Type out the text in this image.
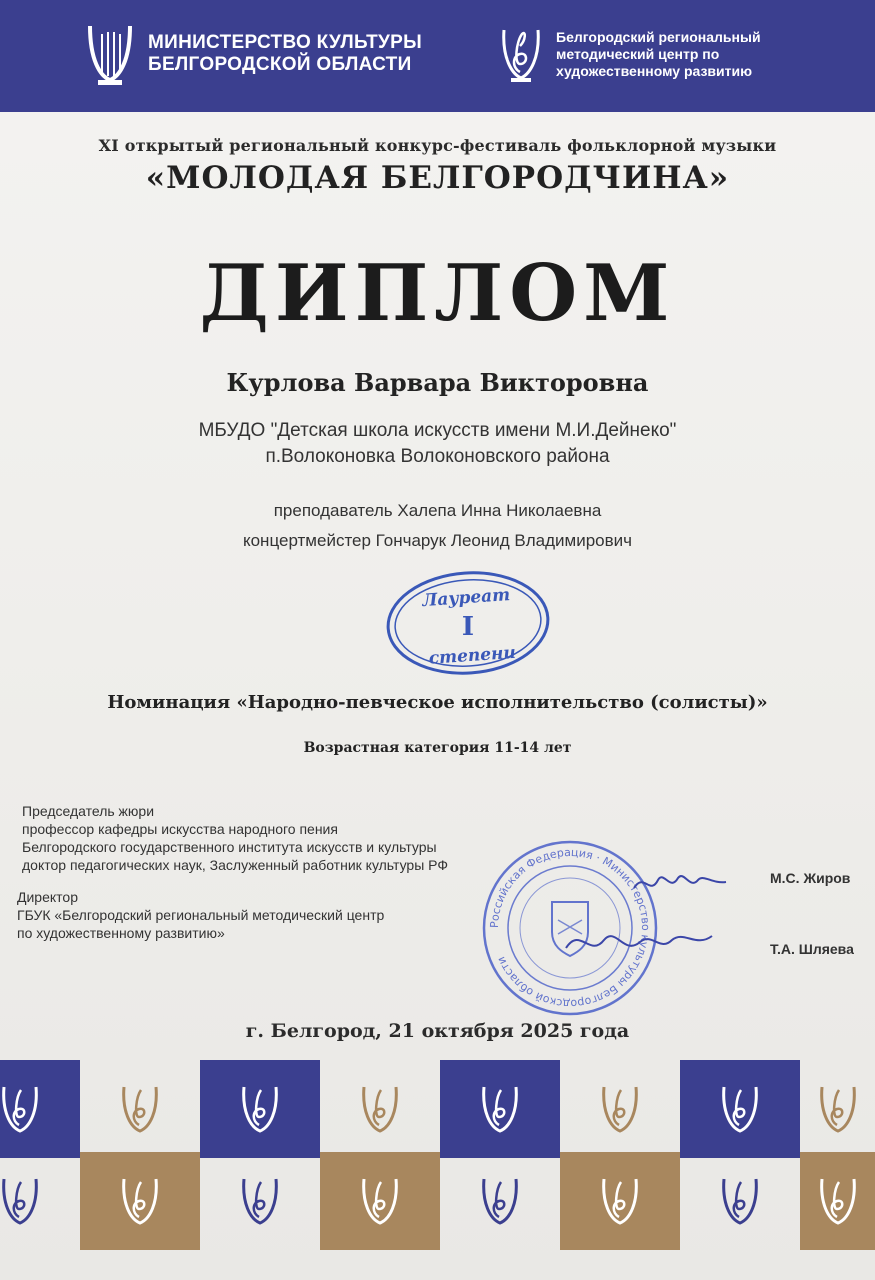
МИНИСТЕРСТВО КУЛЬТУРЫ
БЕЛГОРОДСКОЙ ОБЛАСТИ
Белгородский региональный
методический центр по
художественному развитию
XI открытый региональный конкурс-фестиваль фольклорной музыки
«МОЛОДАЯ БЕЛГОРОДЧИНА»
ДИПЛОМ
Курлова Варвара Викторовна
МБУДО "Детская школа искусств имени М.И.Дейнеко"
п.Волоконовка Волоконовского района
преподаватель Халепа Инна Николаевна
концертмейстер Гончарук Леонид Владимирович
Лауреат
I
степени
Номинация «Народно-певческое исполнительство (солисты)»
Возрастная категория 11-14 лет
Председатель жюри
профессор кафедры искусства народного пения
Белгородского государственного института искусств и культуры
доктор педагогических наук, Заслуженный работник культуры РФ
Директор
ГБУК «Белгородский региональный методический центр
по художественному развитию»
Российская Федерация · Министерство культуры Белгородской области
М.С. Жиров
Т.А. Шляева
г. Белгород, 21 октября 2025 года
